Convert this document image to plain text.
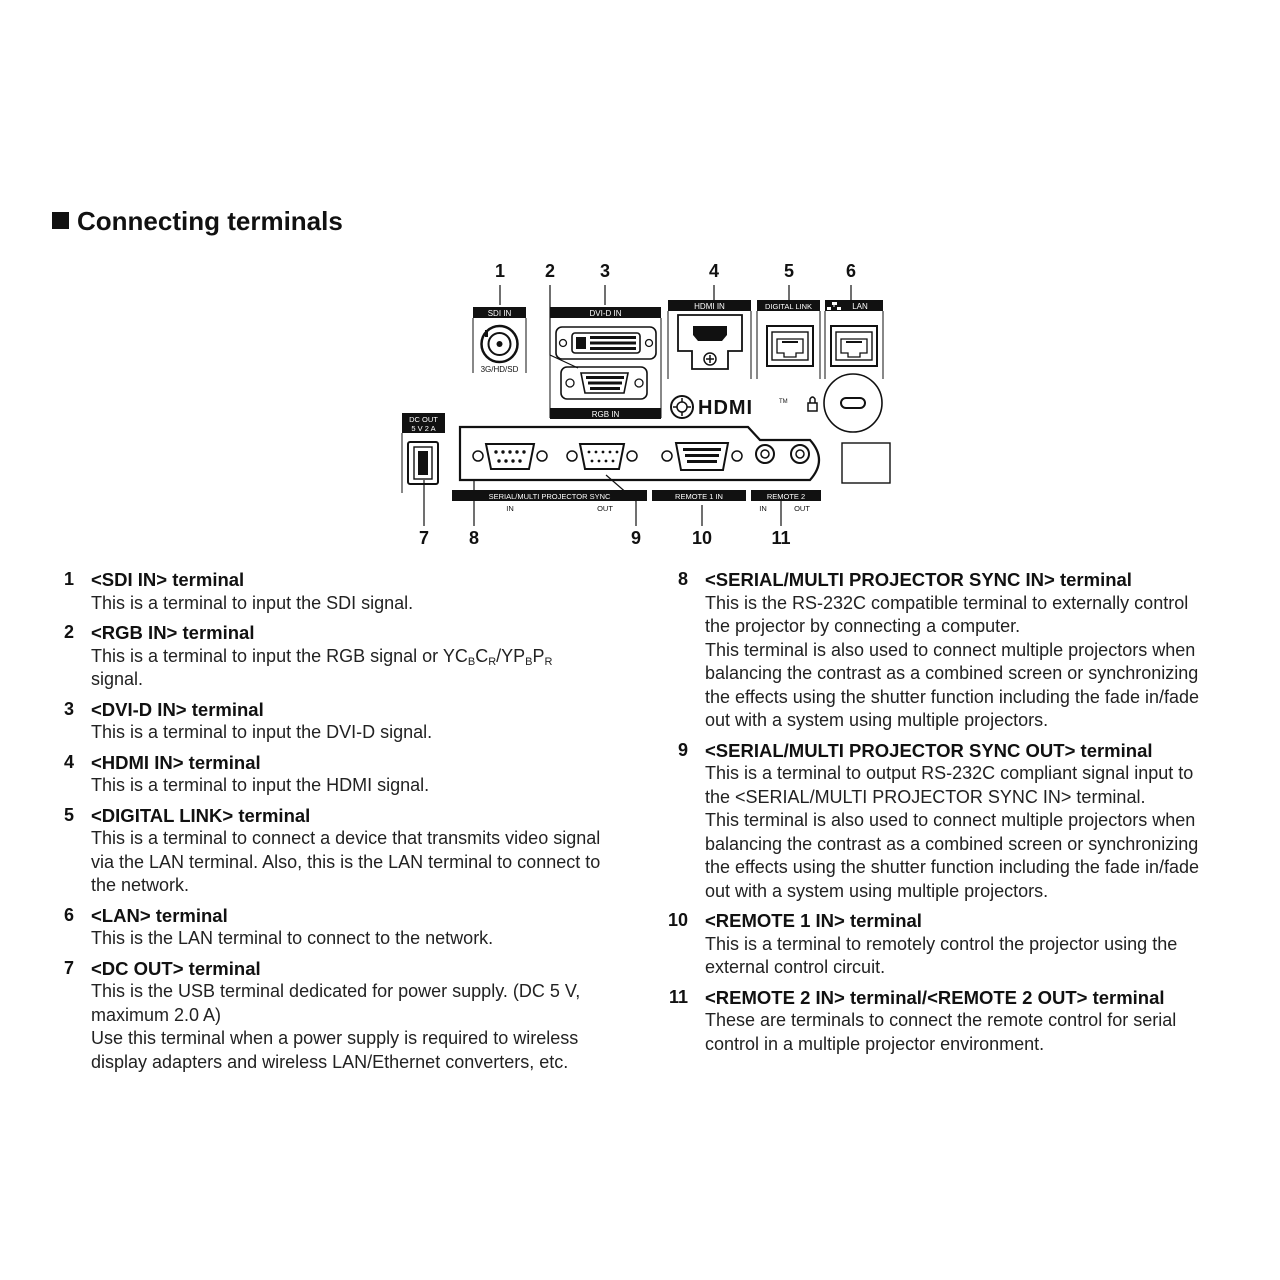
Connecting terminals
1 2 3	4	5	6
7 8	9	10	11
SDI IN
3G/HD/SD
DVI-D IN
RGB IN
HDMI IN	DIGITAL LINK	LAN
HDMI	TM
DC OUT
5 V 2 A
SERIAL/MULTI PROJECTOR SYNC
IN	OUT
REMOTE 1 IN	REMOTE 2
IN	OUT
1 <SDI IN> terminal
This is a terminal to input the SDI signal.
2 <RGB IN> terminal
This is a terminal to input the RGB signal or $YC_BC_R/YP_BP_R$
signal.
3 <DVI-D IN> terminal
This is a terminal to input the DVI-D signal.
4 <HDMI IN> terminal
This is a terminal to input the HDMI signal.
5 <DIGITAL LINK> terminal
This is a terminal to connect a device that transmits video signal
via the LAN terminal. Also, this is the LAN terminal to connect to
the network.
6 <LAN> terminal
This is the LAN terminal to connect to the network.
7 <DC OUT> terminal
This is the USB terminal dedicated for power supply. (DC 5 V,
maximum 2.0 A)
Use this terminal when a power supply is required to wireless
display adapters and wireless LAN/Ethernet converters, etc.
8 <SERIAL/MULTI PROJECTOR SYNC IN> terminal
This is the RS-232C compatible terminal to externally control
the projector by connecting a computer.
This terminal is also used to connect multiple projectors when
balancing the contrast as a combined screen or synchronizing
the effects using the shutter function including the fade in/fade
out with a system using multiple projectors.
9 <SERIAL/MULTI PROJECTOR SYNC OUT> terminal
This is a terminal to output RS-232C compliant signal input to
the <SERIAL/MULTI PROJECTOR SYNC IN> terminal.
This terminal is also used to connect multiple projectors when
balancing the contrast as a combined screen or synchronizing
the effects using the shutter function including the fade in/fade
out with a system using multiple projectors.
10 <REMOTE 1 IN> terminal
This is a terminal to remotely control the projector using the
external control circuit.
11 <REMOTE 2 IN> terminal/<REMOTE 2 OUT> terminal
These are terminals to connect the remote control for serial
control in a multiple projector environment.
